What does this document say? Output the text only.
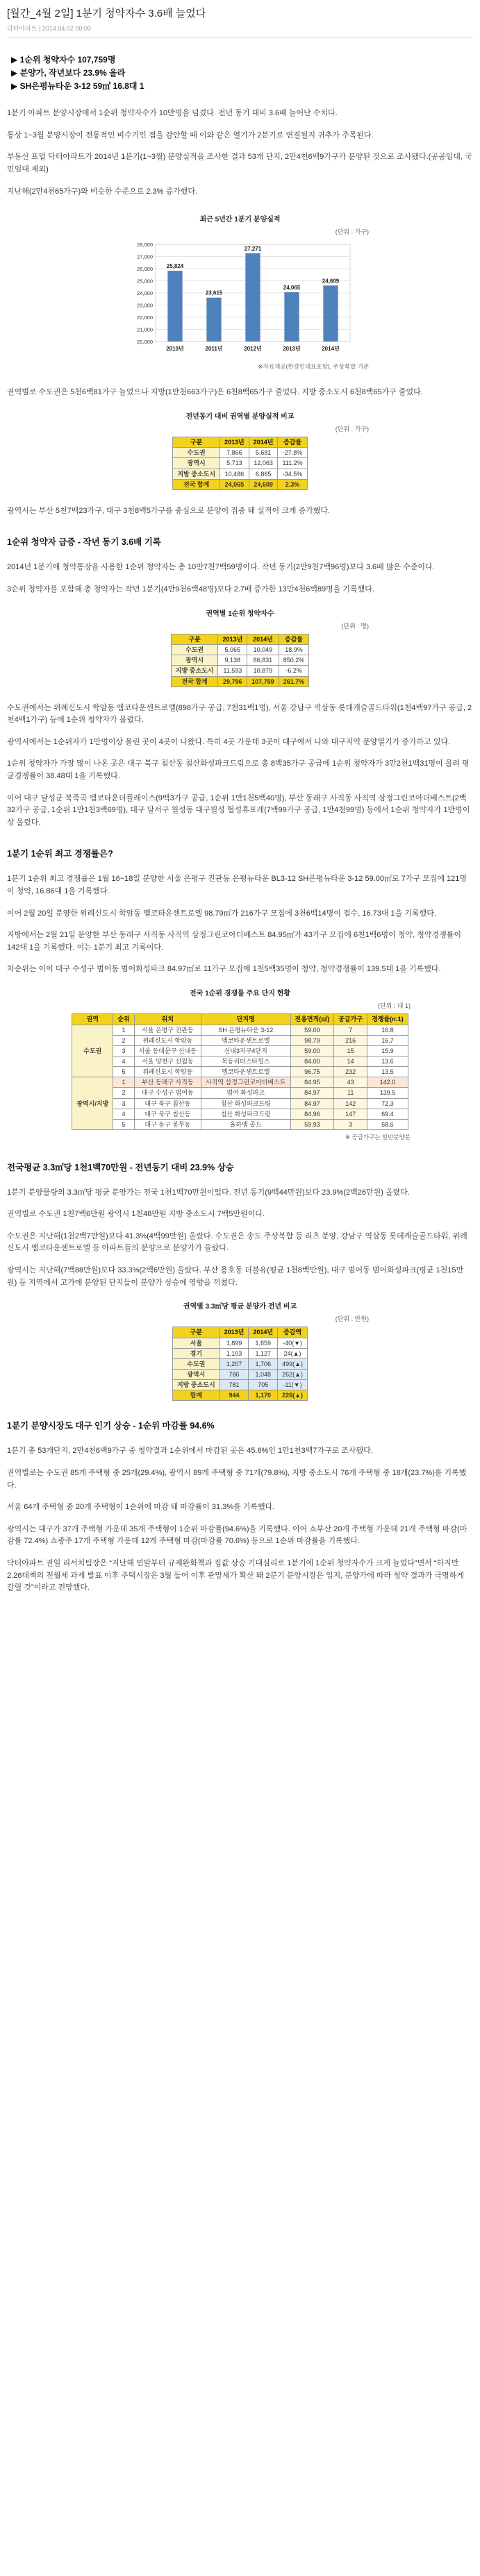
[월간_4월 2일] 1분기 청약자수 3.6배 늘었다
닥터아파트 | 2014.04.02 00:00
▶ 1순위 청약자수 107,759명
▶ 분양가, 작년보다 23.9% 올라
▶ SH은평뉴타운 3-12 59㎡ 16.8대 1

1분기 아파트 분양시장에서 1순위 청약자수가 10만명을 넘겼다. 전년 동기 대비 3.6배 늘어난 수치다.

통상 1~3월 분양시장이 전통적인 비수기인 점을 감안할 때 이와 같은 열기가 2분기로 연결될지 귀추가 주목된다.

부동산 포털 닥터아파트가 2014년 1분기(1~3월) 분양실적을 조사한 결과 53개 단지, 2만4천6백9가구가 분양된 것으로 조사됐다.(공공임대, 국민임대 제외)

지난해(2만4천65가구)와 비슷한 수준으로 2.3% 증가했다.

최근 5년간 1분기 분양실적
(단위 : 가구)
20,000
21,000
22,000
23,000
24,000
25,000
26,000
27,000
28,000
25,824
2010년
23,615
2011년
27,271
2012년
24,065
2013년
24,609
2014년
※자료제공(한강인대표포함), 주상복합 기준

권역별로 수도권은 5천6백81가구 늘었으나 지방(1만천663가구)은 6천8백65가구 줄었다. 지방 중소도시 6천8백65가구 줄었다.

전년동기 대비 권역별 분양실적 비교
(단위 : 가구)
구분	2013년	2014년	증감률
수도권	7,866	5,681	-27.8%
광역시	5,713	12,063	111.2%
지방 중소도시	10,486	6,865	-34.5%
전국 합계	24,065	24,609	2.3%

광역시는 부산 5천7백23가구, 대구 3천8백5가구를 중심으로 분양이 집중 돼 실적이 크게 증가했다.

1순위 청약자 급증 - 작년 동기 3.6배 기록

2014년 1분기에 청약통장을 사용한 1순위 청약자는 총 10만7천7백59명이다. 작년 동기(2만9천7백96명)보다 3.6배 많은 수준이다.

3순위 청약자를 포함해 총 청약자는 작년 1분기(4만9천6백48명)보다 2.7배 증가한 13만4천6백89명을 기록했다.

권역별 1순위 청약자수
(단위 : 명)
구분	2013년	2014년	증감률
수도권	5,065	10,049	18.9%
광역시	9,138	86,831	850.2%
지방 중소도시	11,593	10,879	-6.2%
전국 합계	29,796	107,759	261.7%

수도권에서는 위례신도시 학암동 엠코타운센트로엘(898가구 공급, 7천31백1명), 서울 강남구 역삼동 롯데캐슬골드타워(1천4백97가구 공급, 2천4백1가구) 등에 1순위 청약자가 몰렸다.

광역시에서는 1순위자가 1만명이상 몰린 곳이 4곳이 나왔다. 특히 4곳 가운데 3곳이 대구에서 나와 대구지역 분양열기가 증가하고 있다.

1순위 청약자가 가장 많이 나온 곳은 대구 북구 침산동 침산화성파크드림으로 총 8백35가구 공급에 1순위 청약자가 3만2천1백31명이 몰려 평균경쟁률이 38.48대 1을 기록했다.

이어 대구 달성군 북죽곡 엠코타운더플레이스(9백3가구 공급, 1순위 1만1천5백40명), 부산 동래구 사직동 사직역 삼정그린코아더베스트(2백32가구 공급, 1순위 1만1천3백69명), 대구 달서구 월성동 대구월성 협성휴포레(7백99가구 공급, 1만4천99명) 등에서 1순위 청약자가 1만명이상 몰렸다.

1분기 1순위 최고 경쟁률은?

1분기 1순위 최고 경쟁률은 1월 16~18일 분양한 서울 은평구 진관동 은평뉴타운 BL3-12 SH은평뉴타운 3-12 59.00㎡로 7가구 모집에 121명이 청약, 16.86대 1을 기록했다.

이어 2월 20일 분양한 위례신도시 학암동 엠코타운센트로엘 98.79㎡가 216가구 모집에 3천6백14명이 접수, 16.73대 1을 기록했다.

지방에서는 2월 21일 분양한 부산 동래구 사직동 사직역 삼정그린코아더베스트 84.95㎡가 43가구 모집에 6천1백6명이 청약, 청약경쟁률이 142대 1을 기록했다. 이는 1분기 최고 기록이다.

차순위는 이어 대구 수성구 범어동 범어화성파크 84.97㎡로 11가구 모집에 1천5백35명이 청약, 청약경쟁률이 139.5대 1을 기록했다.

전국 1순위 경쟁률 주요 단지 현황
(단위 : 대 1)
권역	순위	위치	단지명	전용면적(㎡)	공급가구	경쟁률(n:1)
수도권	1	서울 은평구 진관동	SH 은평뉴타운 3-12	59.00	7	16.8
	2	위례신도시 학암동	엠코타운센트로엘	98.79	216	16.7
	3	서울 동대문구 신내동	신내3지구4단지	59.00	15	15.9
	4	서울 양천구 신월동	목동리더스타힐스	84.00	14	13.6
	5	위례신도시 학암동	엠코타운센트로엘	96.75	232	13.5
광역시/지방	1	부산 동래구 사직동	사직역 삼정그린코아더베스트	84.95	43	142.0
	2	대구 수성구 범어동	범어 화성파크	84.97	11	139.5
	3	대구 북구 침산동	침산 화성파크드림	84.97	142	72.3
	4	대구 북구 침산동	침산 화성파크드림	84.96	147	69.4
	5	대구 동구 봉무동	율하엠 골드	59.93	3	58.6
※ 공급가구는 일반분양분
전국평균 3.3㎡당 1천1백70만원 - 전년동기 대비 23.9% 상승

1분기 분양물량의 3.3㎡당 평균 분양가는 전국 1천1백70만원이었다. 전년 동기(9백44만원)보다 23.9%(2백26만원) 올랐다.

권역별로 수도권 1천7백6만원 광역시 1천48만원 지방 중소도시 7백5만원이다.

수도권은 지난해(1천2백7만원)보다 41.3%(4백99만원) 올랐다. 수도권은 송도 주상복합 등 리츠 분양, 강남구 역삼동 롯데캐슬골드타워, 위례신도시 엠코타운센트로엘 등 아파트들의 분양으로 분양가가 올랐다.

광역시는 지난해(7백88만원)보다 33.3%(2백6만원) 올랐다. 부산 용호동 더블유(평균 1천8백만원), 대구 범어동 범어화성파크(평균 1천15만원) 등 지역에서 고가에 분양된 단지들이 분양가 상승에 영향을 끼쳤다.

권역별 3.3㎡당 평균 분양가 전년 비교
(단위 : 만원)
구분	2013년	2014년	증감액
서울	1,899	1,859	-40(▼)
경기	1,103	1,127	24(▲)
수도권	1,207	1,706	499(▲)
광역시	786	1,048	262(▲)
지방 중소도시	781	705	-11(▼)
합계	944	1,170	226(▲)
1분기 분양시장도 대구 인기 상승 - 1순위 마감률 94.6%

1분기 총 53개단지, 2만4천6백9가구 중 청약결과 1순위에서 마감된 곳은 45.6%인 1만1천3백7가구로 조사됐다.

권역별로는 수도권 85개 주택형 중 25개(29.4%), 광역시 89개 주택형 중 71개(79.8%), 지방 중소도시 76개 주택형 중 18개(23.7%)를 기록했다.

서울 64개 주택형 중 20개 주택형이 1순위에 마감 돼 마감률이 31.3%를 기록했다.

광역시는 대구가 37개 주택형 가운데 35개 주택형이 1순위 마감률(94.6%)을 기록했다. 이어 쇼부산 20개 주택형 가운데 21개 주택형 마감(마감률 72.4%) 쇼광주 17개 주택형 가운데 12개 주택형 마감(마감률 70.6%) 등으로 1순위 마감률을 기록했다.

닥터아파트 권일 리서치팀장은 “지난해 연말부터 규제완화책과 집값 상승 기대심리로 1분기에 1순위 청약자수가 크게 늘었다”면서 “하지만 2.26대책의 전월세 과세 발표 이후 주택시장은 3월 들어 이후 관망세가 확산 돼 2분기 분양시장은 입지, 분양가에 따라 청약 결과가 극명하게 갈릴 것”이라고 전망했다.
